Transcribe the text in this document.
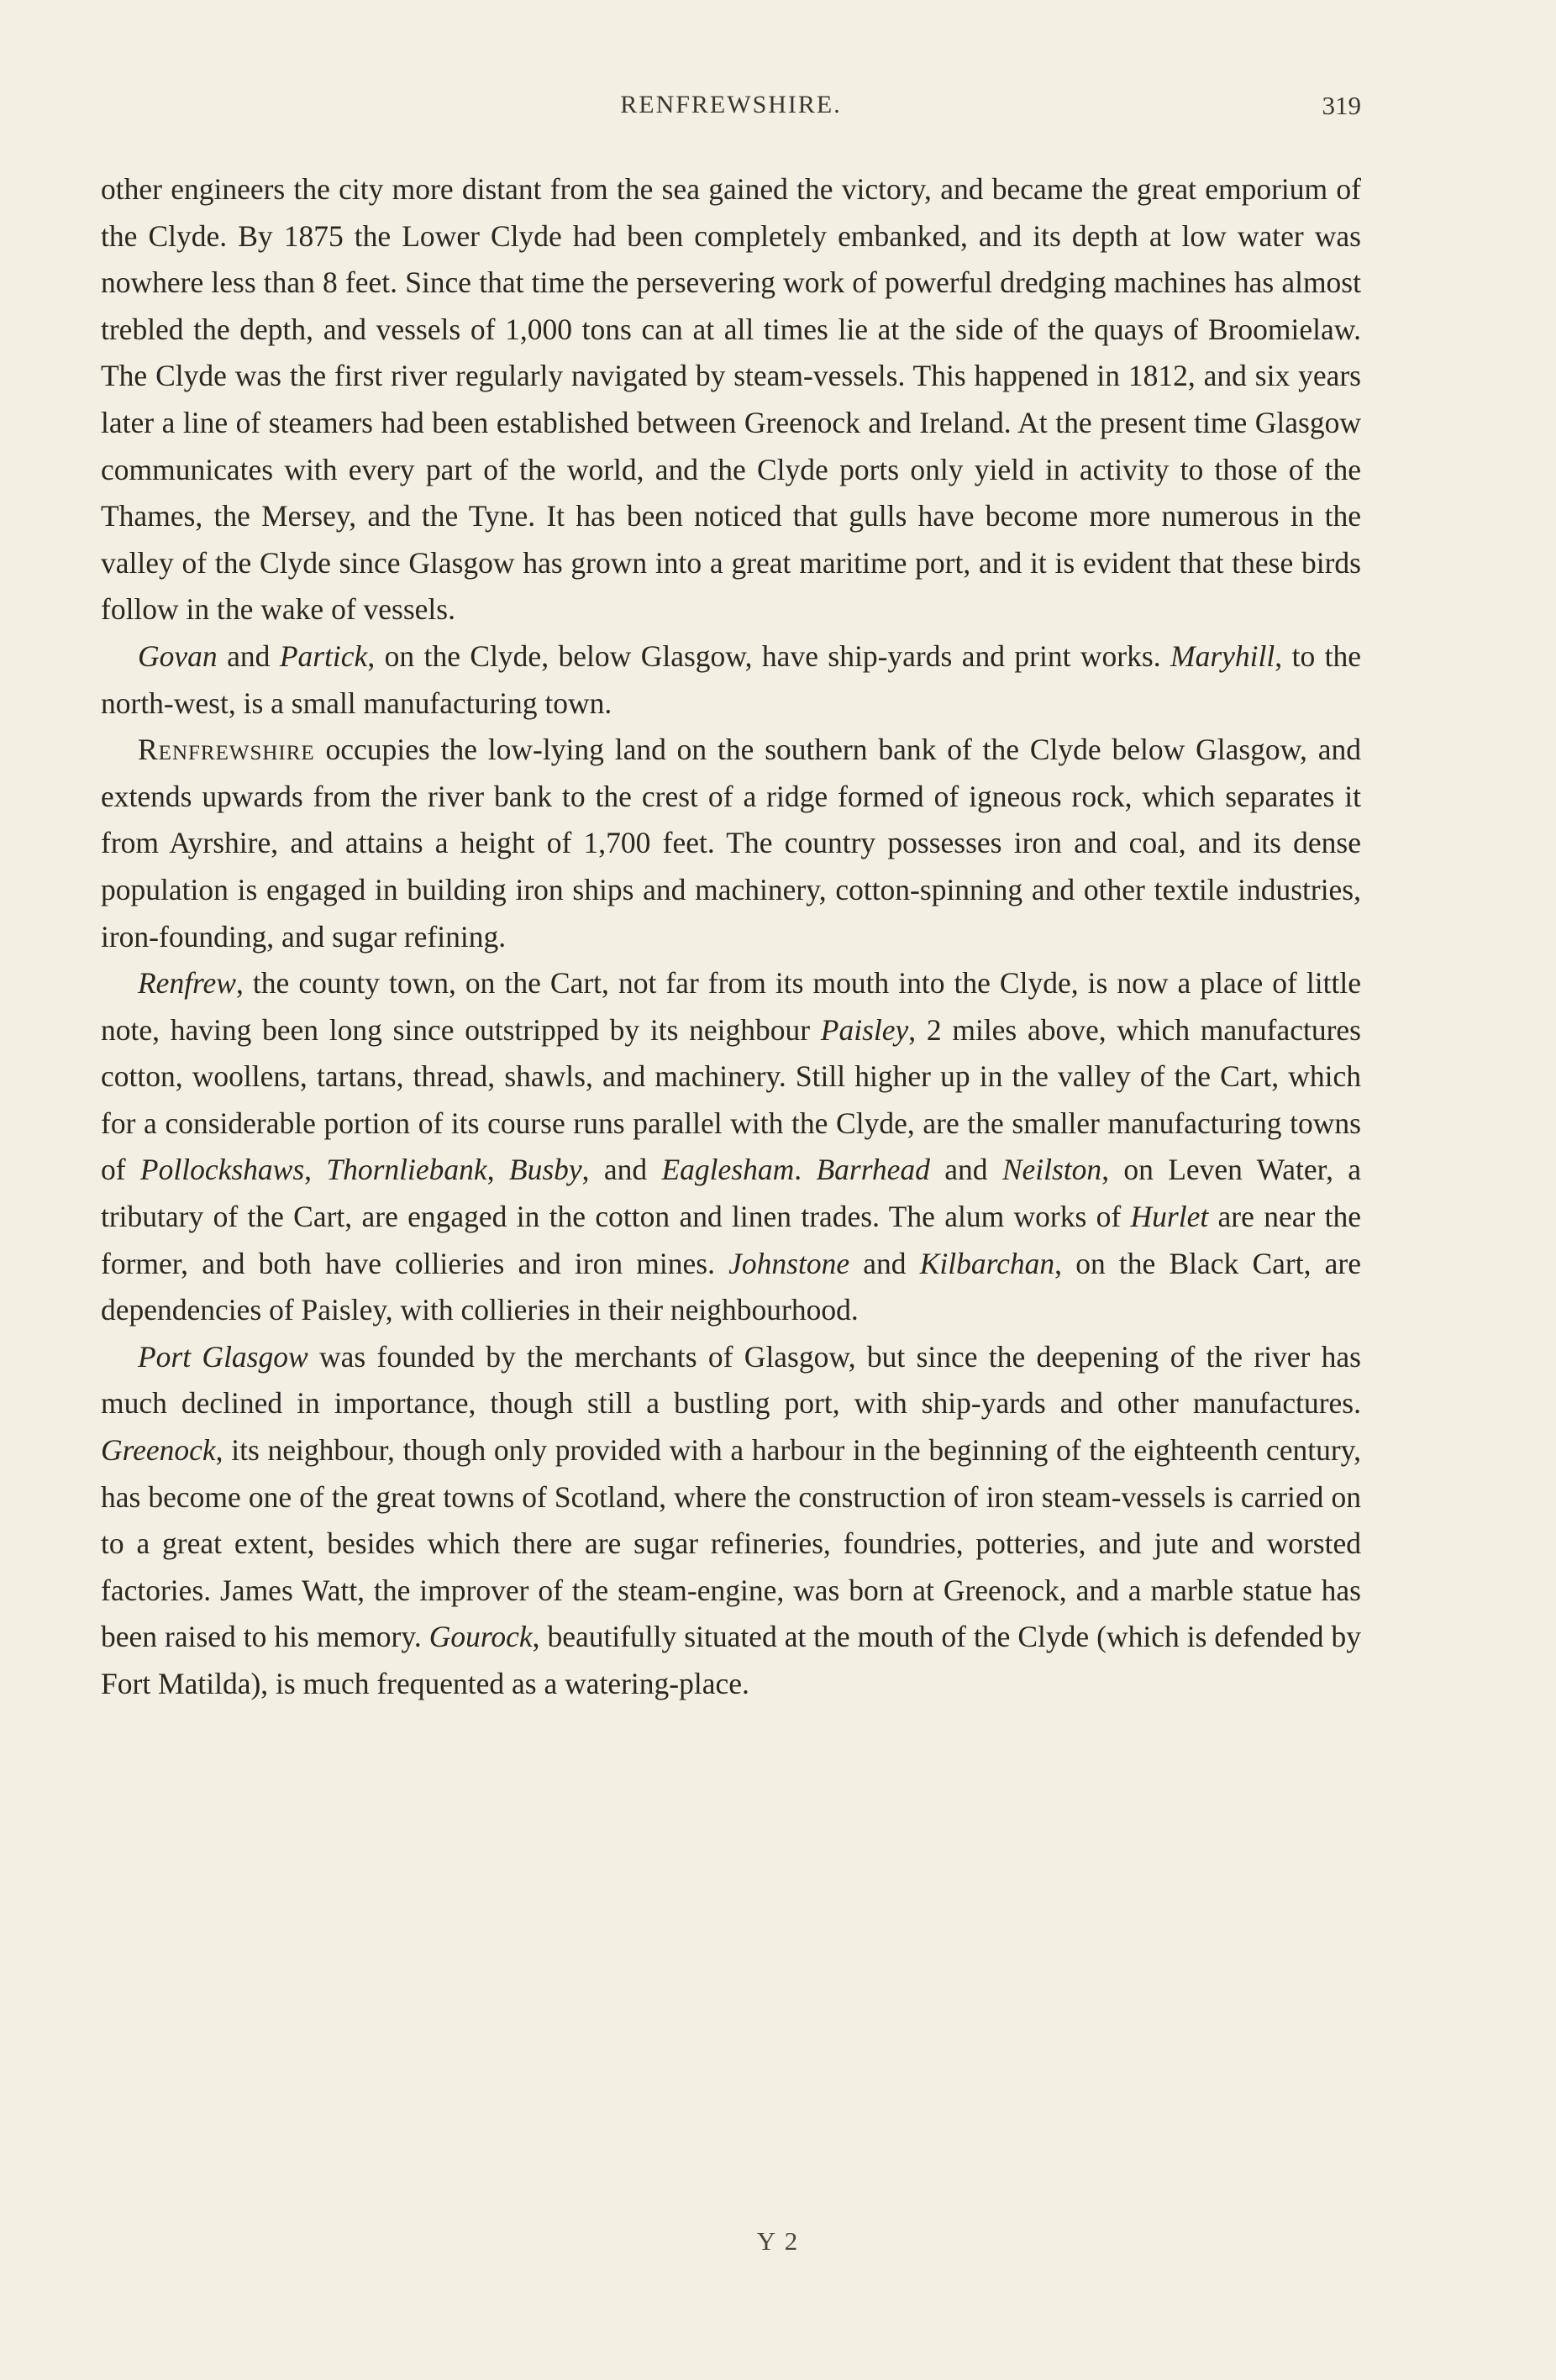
RENFREWSHIRE.	319

other engineers the city more distant from the sea gained the victory, and became the great emporium of the Clyde. By 1875 the Lower Clyde had been completely embanked, and its depth at low water was nowhere less than 8 feet. Since that time the persevering work of powerful dredging machines has almost trebled the depth, and vessels of 1,000 tons can at all times lie at the side of the quays of Broomielaw. The Clyde was the first river regularly navigated by steam-vessels. This happened in 1812, and six years later a line of steamers had been established between Greenock and Ireland. At the present time Glasgow communicates with every part of the world, and the Clyde ports only yield in activity to those of the Thames, the Mersey, and the Tyne. It has been noticed that gulls have become more numerous in the valley of the Clyde since Glasgow has grown into a great maritime port, and it is evident that these birds follow in the wake of vessels.

Govan and Partick, on the Clyde, below Glasgow, have ship-yards and print works. Maryhill, to the north-west, is a small manufacturing town.

Renfrewshire occupies the low-lying land on the southern bank of the Clyde below Glasgow, and extends upwards from the river bank to the crest of a ridge formed of igneous rock, which separates it from Ayrshire, and attains a height of 1,700 feet. The country possesses iron and coal, and its dense population is engaged in building iron ships and machinery, cotton-spinning and other textile industries, iron-founding, and sugar refining.

Renfrew, the county town, on the Cart, not far from its mouth into the Clyde, is now a place of little note, having been long since outstripped by its neighbour Paisley, 2 miles above, which manufactures cotton, woollens, tartans, thread, shawls, and machinery. Still higher up in the valley of the Cart, which for a considerable portion of its course runs parallel with the Clyde, are the smaller manufacturing towns of Pollockshaws, Thornliebank, Busby, and Eaglesham. Barrhead and Neilston, on Leven Water, a tributary of the Cart, are engaged in the cotton and linen trades. The alum works of Hurlet are near the former, and both have collieries and iron mines. Johnstone and Kilbarchan, on the Black Cart, are dependencies of Paisley, with collieries in their neighbourhood.

Port Glasgow was founded by the merchants of Glasgow, but since the deepening of the river has much declined in importance, though still a bustling port, with ship-yards and other manufactures. Greenock, its neighbour, though only provided with a harbour in the beginning of the eighteenth century, has become one of the great towns of Scotland, where the construction of iron steam-vessels is carried on to a great extent, besides which there are sugar refineries, foundries, potteries, and jute and worsted factories. James Watt, the improver of the steam-engine, was born at Greenock, and a marble statue has been raised to his memory. Gourock, beautifully situated at the mouth of the Clyde (which is defended by Fort Matilda), is much frequented as a watering-place.

Y 2
